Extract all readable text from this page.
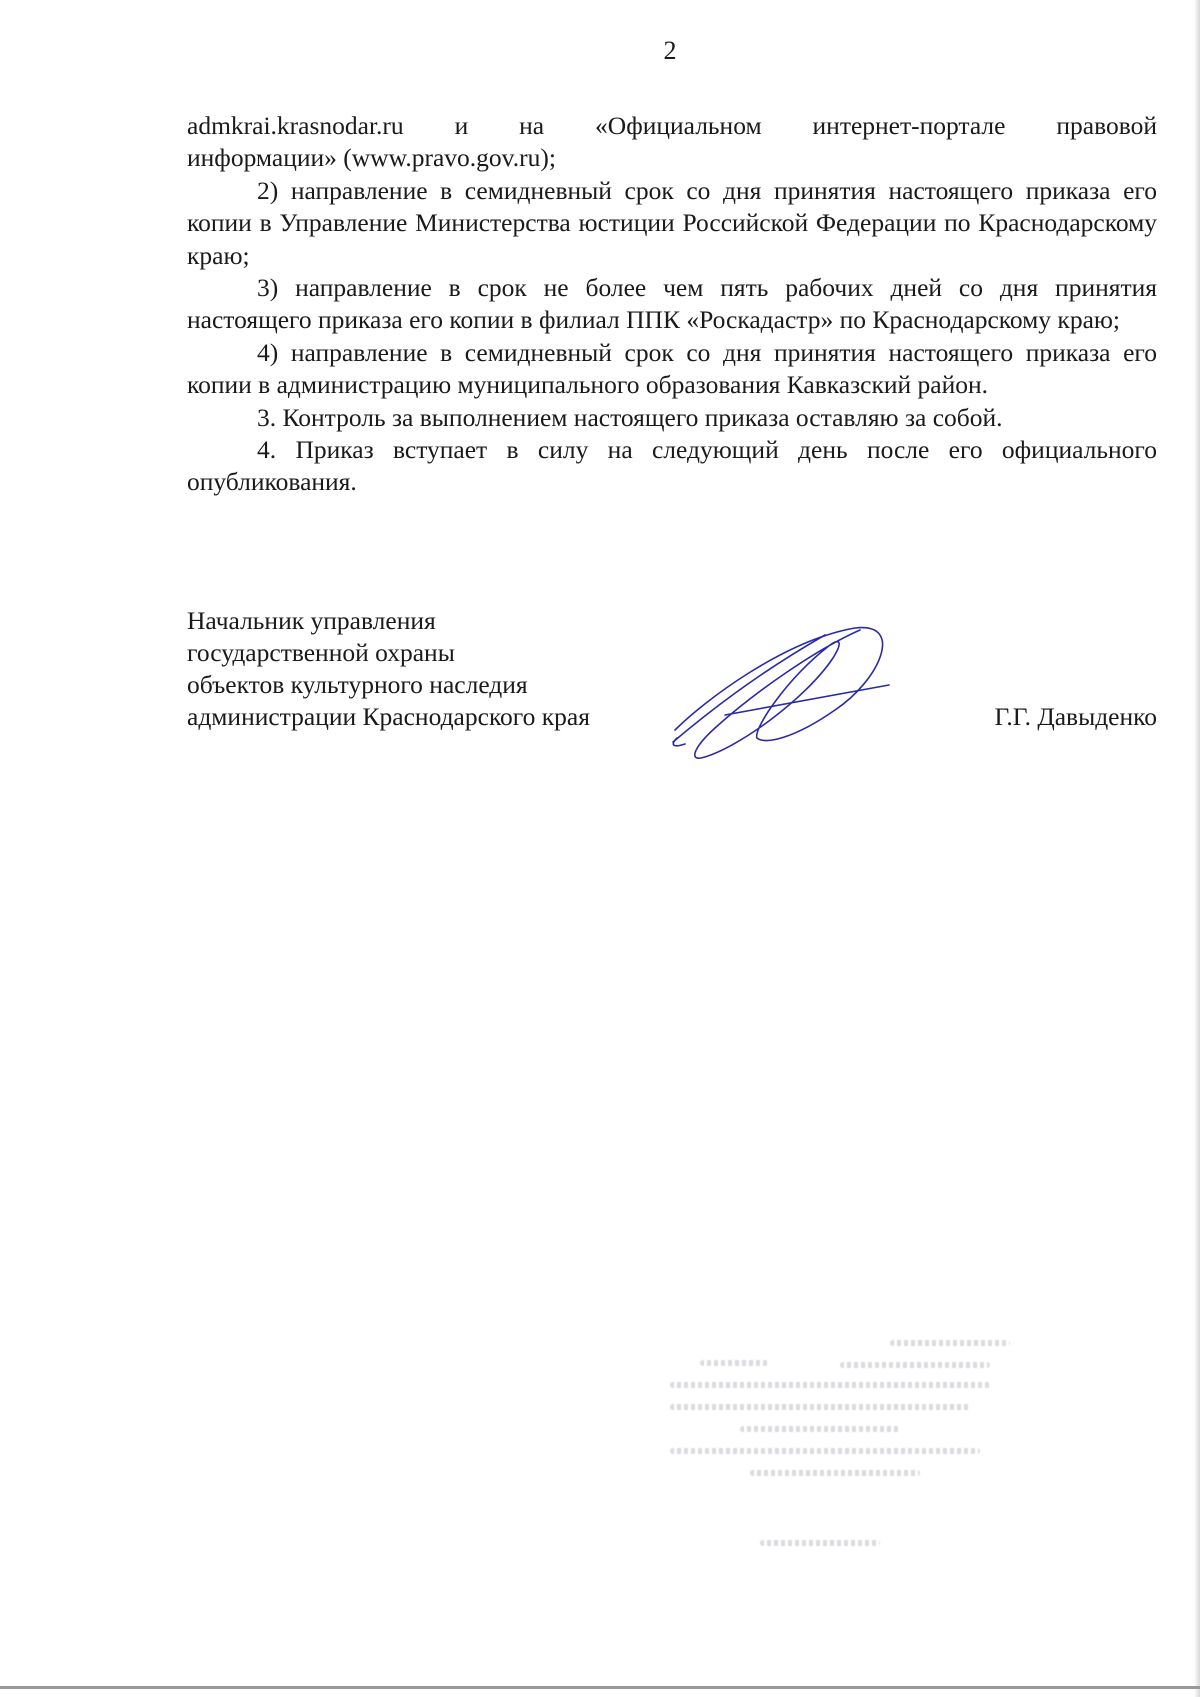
2

admkrai.krasnodar.ru и на «Официальном интернет-портале правовой

информации» (www.pravo.gov.ru);

2) направление в семидневный срок со дня принятия настоящего приказа его копии в Управление Министерства юстиции Российской Федерации по Краснодарскому краю;

3) направление в срок не более чем пять рабочих дней со дня принятия настоящего приказа его копии в филиал ППК «Роскадастр» по Краснодарскому краю;

4) направление в семидневный срок со дня принятия настоящего приказа его копии в администрацию муниципального образования Кавказский район.

3. Контроль за выполнением настоящего приказа оставляю за собой.

4. Приказ вступает в силу на следующий день после его официального опубликования.

Начальник управления
государственной охраны
объектов культурного наследия
администрации Краснодарского края	Г.Г. Давыденко
